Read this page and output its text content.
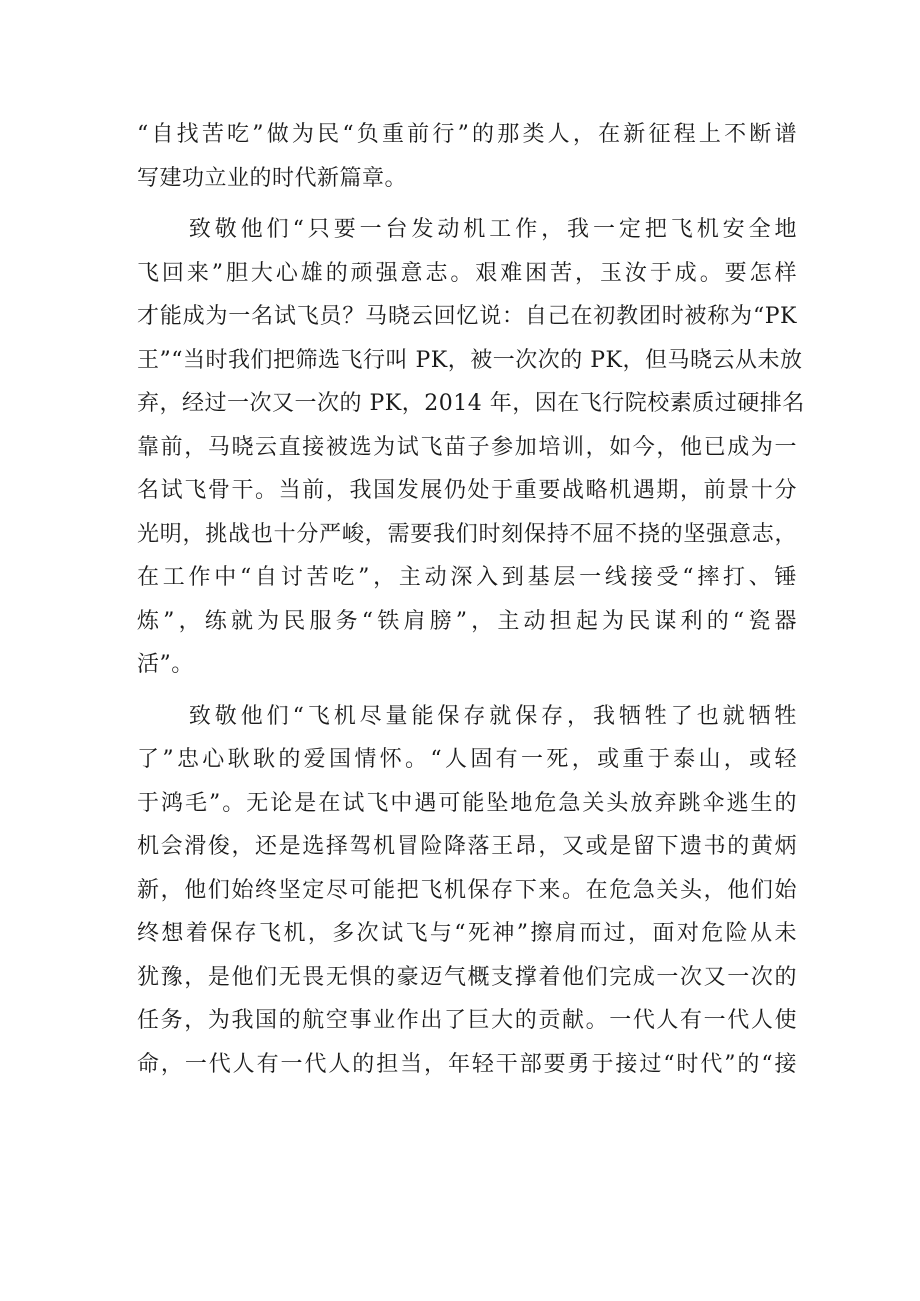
“自找苦吃”做为民“负重前行”的那类人，在新征程上不断谱
写建功立业的时代新篇章。
　　致敬他们“只要一台发动机工作，我一定把飞机安全地
飞回来”胆大心雄的顽强意志。艰难困苦，玉汝于成。要怎样
才能成为一名试飞员？马晓云回忆说：自己在初教团时被称为“PK
王”“当时我们把筛选飞行叫 PK，被一次次的 PK，但马晓云从未放
弃，经过一次又一次的 PK，2014 年，因在飞行院校素质过硬排名
靠前，马晓云直接被选为试飞苗子参加培训，如今，他已成为一
名试飞骨干。当前，我国发展仍处于重要战略机遇期，前景十分
光明，挑战也十分严峻，需要我们时刻保持不屈不挠的坚强意志，
在工作中“自讨苦吃”，主动深入到基层一线接受“摔打、锤
炼”，练就为民服务“铁肩膀”，主动担起为民谋利的“瓷器
活”。
　　致敬他们“飞机尽量能保存就保存，我牺牲了也就牺牲
了”忠心耿耿的爱国情怀。“人固有一死，或重于泰山，或轻
于鸿毛”。无论是在试飞中遇可能坠地危急关头放弃跳伞逃生的
机会滑俊，还是选择驾机冒险降落王昂，又或是留下遗书的黄炳
新，他们始终坚定尽可能把飞机保存下来。在危急关头，他们始
终想着保存飞机，多次试飞与“死神”擦肩而过，面对危险从未
犹豫，是他们无畏无惧的豪迈气概支撑着他们完成一次又一次的
任务，为我国的航空事业作出了巨大的贡献。一代人有一代人使
命，一代人有一代人的担当，年轻干部要勇于接过“时代”的“接
